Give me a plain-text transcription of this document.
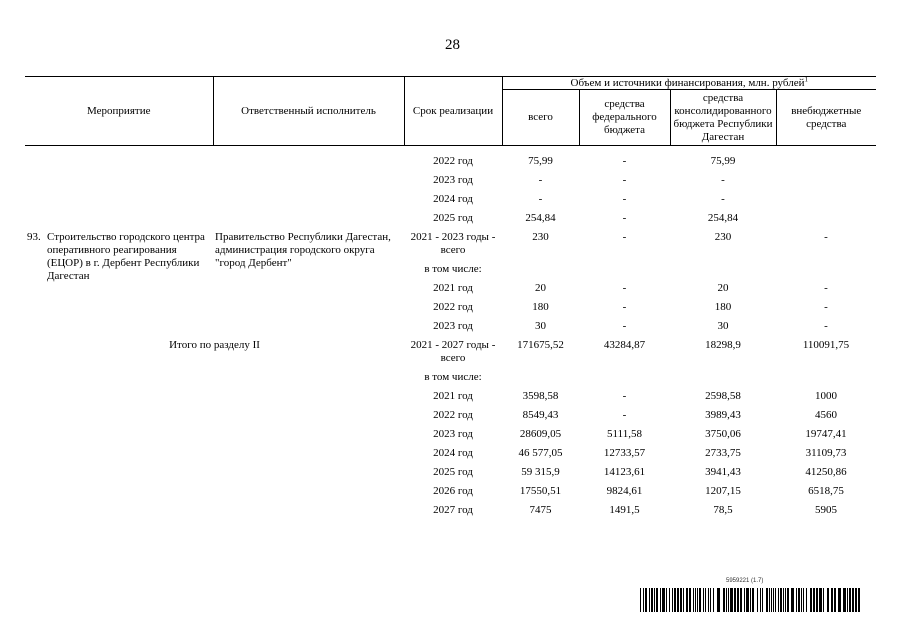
28
Мероприятие	Ответственный исполнитель	Срок реализации	Объем и источники финансирования, млн. рублей$^1$
			всего	средства федерального бюджета	средства консолидированного бюджета Республики Дагестан	внебюджетные средства

		2022 год	75,99	-	75,99	
		2023 год	-	-	-	
		2024 год	-	-	-	
		2025 год	254,84	-	254,84	

93. Строительство городского центра оперативного реагирования (ЕЦОР) в г. Дербент Республики Дагестан	Правительство Республики Дагестан, администрация городского округа "город Дербент"	2021 - 2023 годы - всего	230	-	230	-
		в том числе:				
		2021 год	20	-	20	-
		2022 год	180	-	180	-
		2023 год	30	-	30	-
Итого по разделу II		2021 - 2027 годы - всего	171675,52	43284,87	18298,9	110091,75
		в том числе:				
		2021 год	3598,58	-	2598,58	1000
		2022 год	8549,43	-	3989,43	4560
		2023 год	28609,05	5111,58	3750,06	19747,41
		2024 год	46 577,05	12733,57	2733,75	31109,73
		2025 год	59 315,9	14123,61	3941,43	41250,86
		2026 год	17550,51	9824,61	1207,15	6518,75
		2027 год	7475	1491,5	78,5	5905
5959221 (1.7)
